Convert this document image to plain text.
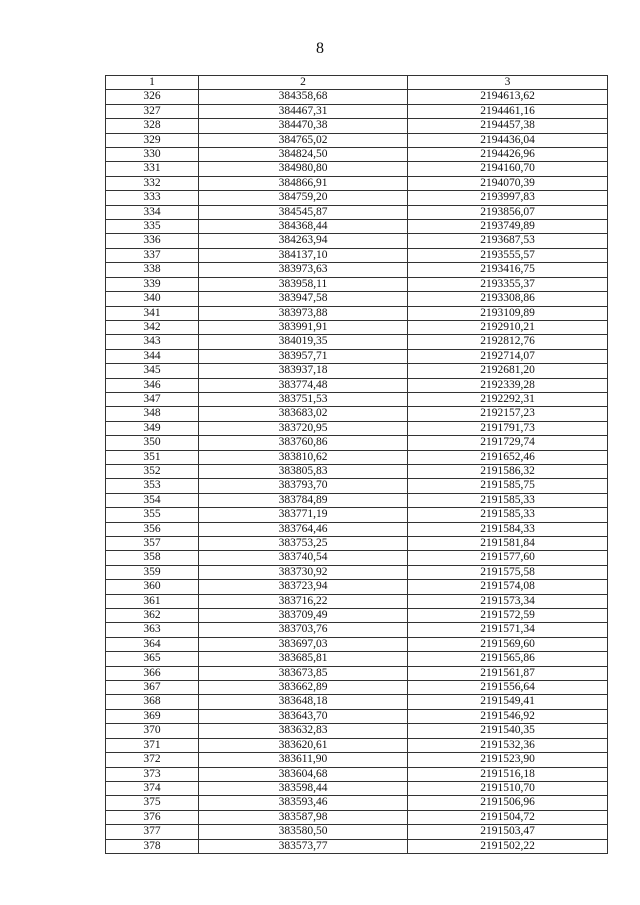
8
1	2	3
326	384358,68	2194613,62
327	384467,31	2194461,16
328	384470,38	2194457,38
329	384765,02	2194436,04
330	384824,50	2194426,96
331	384980,80	2194160,70
332	384866,91	2194070,39
333	384759,20	2193997,83
334	384545,87	2193856,07
335	384368,44	2193749,89
336	384263,94	2193687,53
337	384137,10	2193555,57
338	383973,63	2193416,75
339	383958,11	2193355,37
340	383947,58	2193308,86
341	383973,88	2193109,89
342	383991,91	2192910,21
343	384019,35	2192812,76
344	383957,71	2192714,07
345	383937,18	2192681,20
346	383774,48	2192339,28
347	383751,53	2192292,31
348	383683,02	2192157,23
349	383720,95	2191791,73
350	383760,86	2191729,74
351	383810,62	2191652,46
352	383805,83	2191586,32
353	383793,70	2191585,75
354	383784,89	2191585,33
355	383771,19	2191585,33
356	383764,46	2191584,33
357	383753,25	2191581,84
358	383740,54	2191577,60
359	383730,92	2191575,58
360	383723,94	2191574,08
361	383716,22	2191573,34
362	383709,49	2191572,59
363	383703,76	2191571,34
364	383697,03	2191569,60
365	383685,81	2191565,86
366	383673,85	2191561,87
367	383662,89	2191556,64
368	383648,18	2191549,41
369	383643,70	2191546,92
370	383632,83	2191540,35
371	383620,61	2191532,36
372	383611,90	2191523,90
373	383604,68	2191516,18
374	383598,44	2191510,70
375	383593,46	2191506,96
376	383587,98	2191504,72
377	383580,50	2191503,47
378	383573,77	2191502,22
